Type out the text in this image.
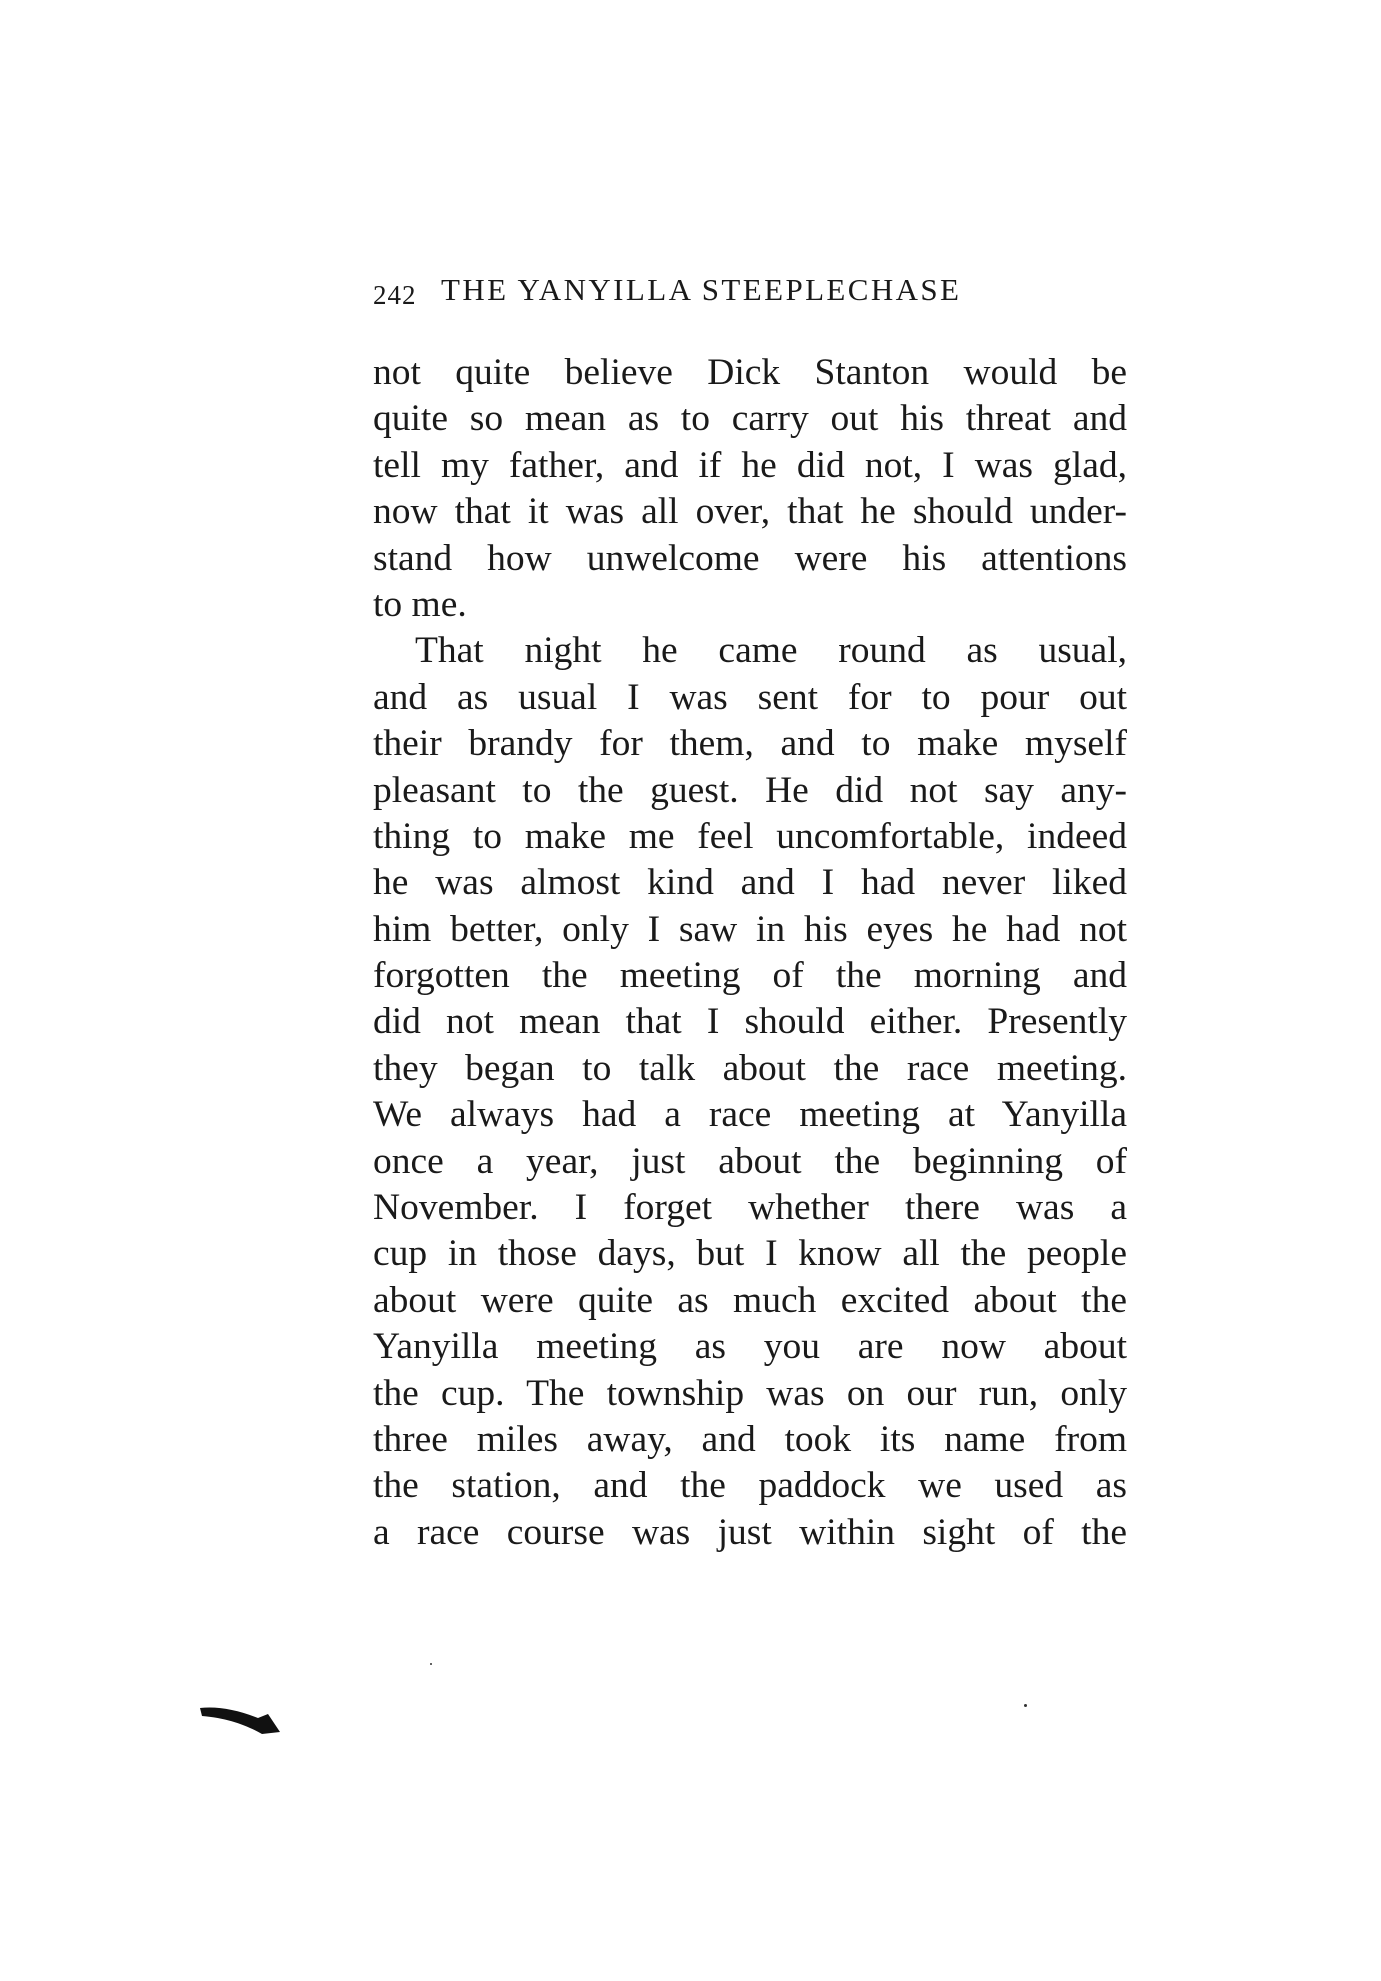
242 THE YANYILLA STEEPLECHASE
not quite believe Dick Stanton would be
quite so mean as to carry out his threat and
tell my father, and if he did not, I was glad,
now that it was all over, that he should under-
stand how unwelcome were his attentions
to me.
That night he came round as usual,
and as usual I was sent for to pour out
their brandy for them, and to make myself
pleasant to the guest. He did not say any-
thing to make me feel uncomfortable, indeed
he was almost kind and I had never liked
him better, only I saw in his eyes he had not
forgotten the meeting of the morning and
did not mean that I should either. Presently
they began to talk about the race meeting.
We always had a race meeting at Yanyilla
once a year, just about the beginning of
November. I forget whether there was a
cup in those days, but I know all the people
about were quite as much excited about the
Yanyilla meeting as you are now about
the cup. The township was on our run, only
three miles away, and took its name from
the station, and the paddock we used as
a race course was just within sight of the
